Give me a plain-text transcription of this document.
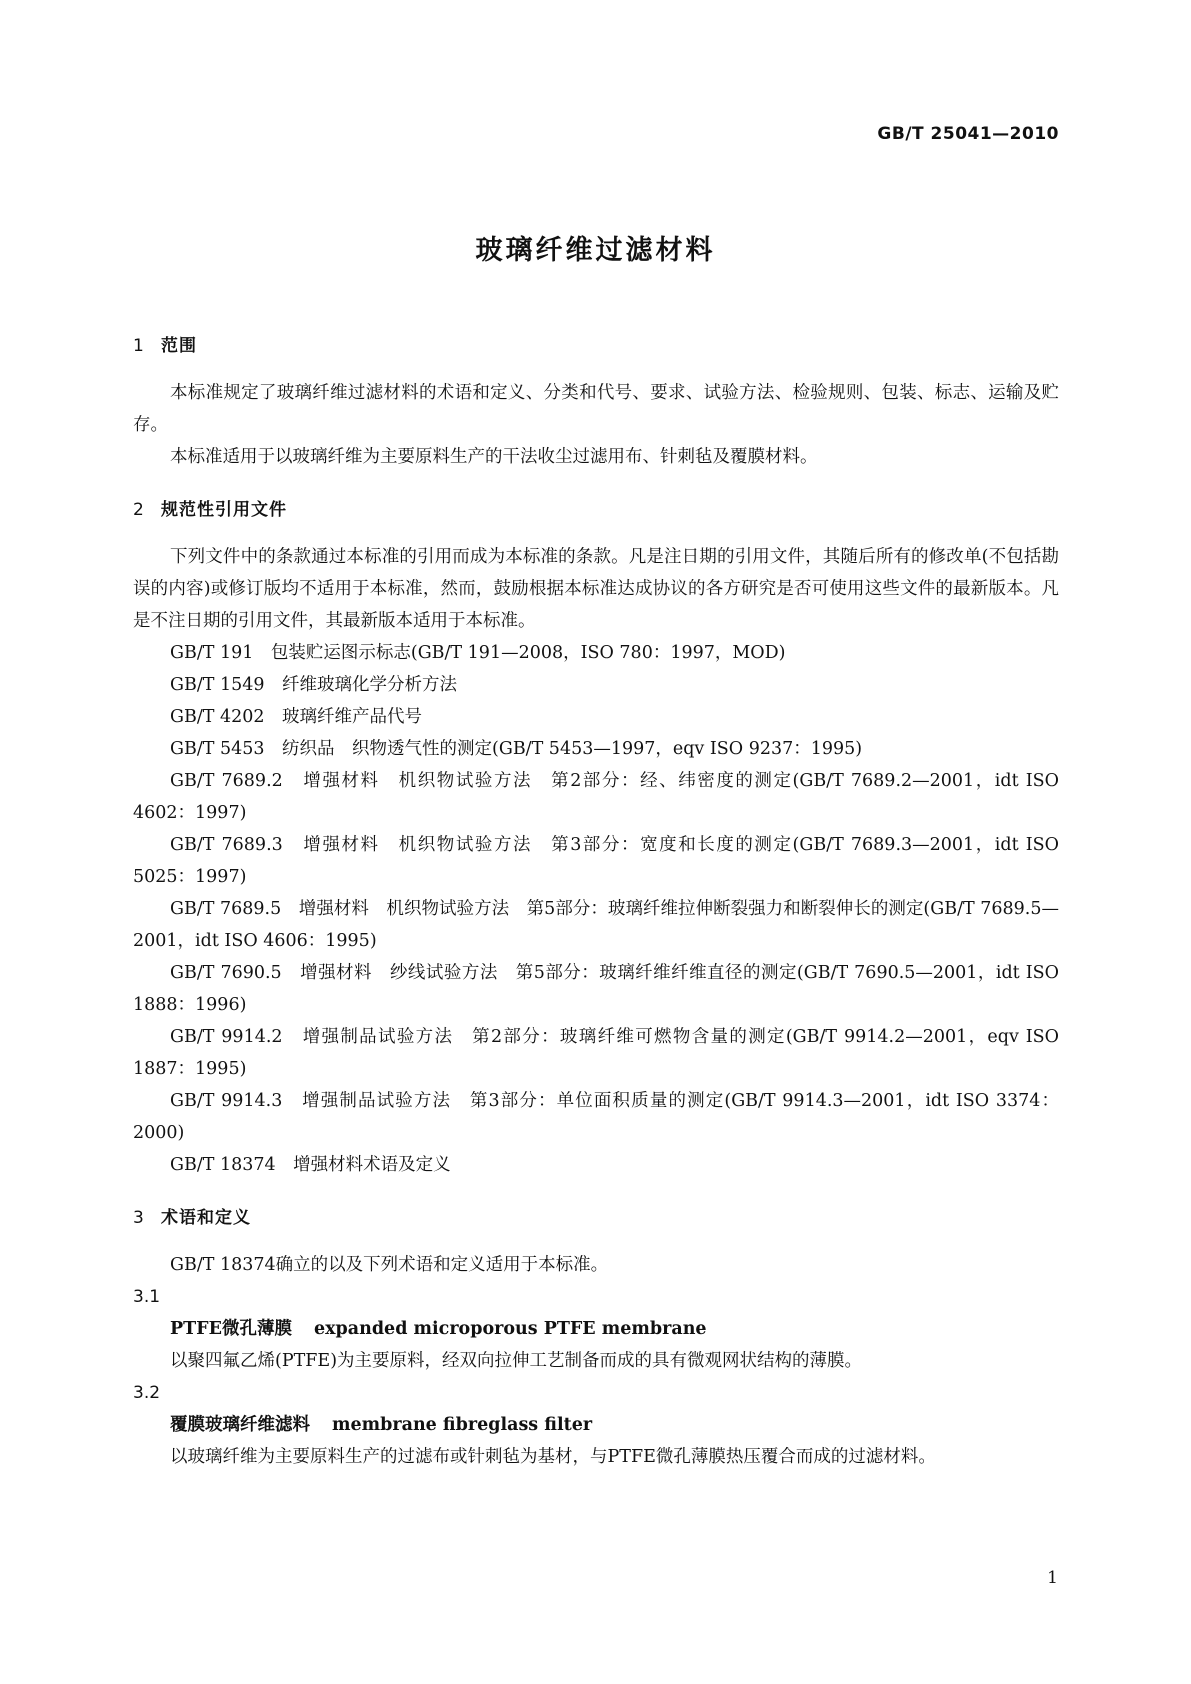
GB/T 25041—2010
玻璃纤维过滤材料
1 范围

本标准规定了玻璃纤维过滤材料的术语和定义、分类和代号、要求、试验方法、检验规则、包装、标志、运输及贮存。

本标准适用于以玻璃纤维为主要原料生产的干法收尘过滤用布、针刺毡及覆膜材料。

2 规范性引用文件

下列文件中的条款通过本标准的引用而成为本标准的条款。凡是注日期的引用文件，其随后所有的修改单(不包括勘误的内容)或修订版均不适用于本标准，然而，鼓励根据本标准达成协议的各方研究是否可使用这些文件的最新版本。凡是不注日期的引用文件，其最新版本适用于本标准。

GB/T 191　包装贮运图示标志(GB/T 191—2008，ISO 780：1997，MOD)

GB/T 1549　纤维玻璃化学分析方法

GB/T 4202　玻璃纤维产品代号

GB/T 5453　纺织品　织物透气性的测定(GB/T 5453—1997，eqv ISO 9237：1995)

GB/T 7689.2　增强材料　机织物试验方法　第2部分：经、纬密度的测定(GB/T 7689.2—2001，idt ISO 4602：1997)

GB/T 7689.3　增强材料　机织物试验方法　第3部分：宽度和长度的测定(GB/T 7689.3—2001，idt ISO 5025：1997)

GB/T 7689.5　增强材料　机织物试验方法　第5部分：玻璃纤维拉伸断裂强力和断裂伸长的测定(GB/T 7689.5—2001，idt ISO 4606：1995)

GB/T 7690.5　增强材料　纱线试验方法　第5部分：玻璃纤维纤维直径的测定(GB/T 7690.5—2001，idt ISO 1888：1996)

GB/T 9914.2　增强制品试验方法　第2部分：玻璃纤维可燃物含量的测定(GB/T 9914.2—2001，eqv ISO 1887：1995)

GB/T 9914.3　增强制品试验方法　第3部分：单位面积质量的测定(GB/T 9914.3—2001，idt ISO 3374：2000)

GB/T 18374　增强材料术语及定义

3 术语和定义

GB/T 18374确立的以及下列术语和定义适用于本标准。

3.1

PTFE微孔薄膜 expanded microporous PTFE membrane

以聚四氟乙烯(PTFE)为主要原料，经双向拉伸工艺制备而成的具有微观网状结构的薄膜。

3.2

覆膜玻璃纤维滤料 membrane fibreglass filter

以玻璃纤维为主要原料生产的过滤布或针刺毡为基材，与PTFE微孔薄膜热压覆合而成的过滤材料。

1
